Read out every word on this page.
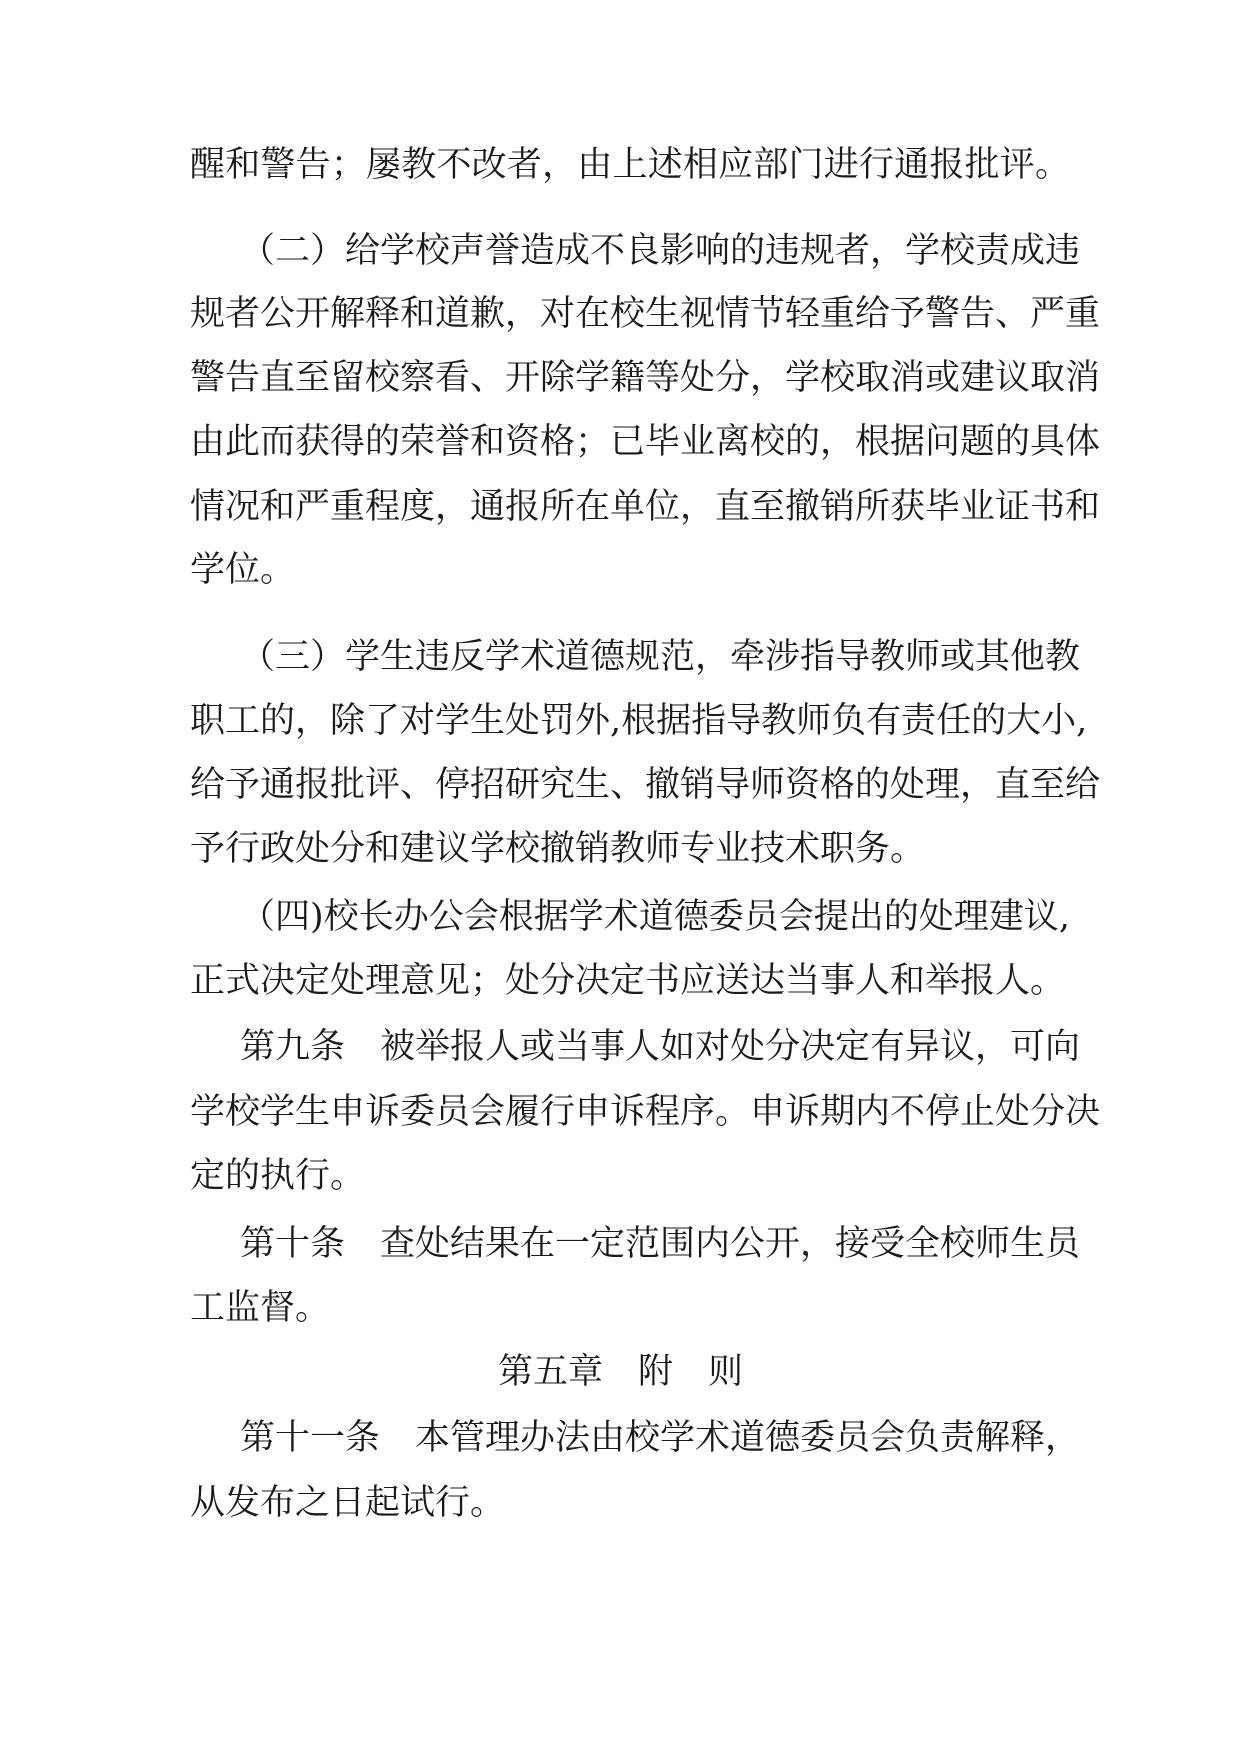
醒和警告；屡教不改者，由上述相应部门进行通报批评。
（二）给学校声誉造成不良影响的违规者，学校责成违
规者公开解释和道歉，对在校生视情节轻重给予警告、严重
警告直至留校察看、开除学籍等处分，学校取消或建议取消
由此而获得的荣誉和资格；已毕业离校的，根据问题的具体
情况和严重程度，通报所在单位，直至撤销所获毕业证书和
学位。
（三）学生违反学术道德规范，牵涉指导教师或其他教
职工的，除了对学生处罚外,根据指导教师负有责任的大小,
给予通报批评、停招研究生、撤销导师资格的处理，直至给
予行政处分和建议学校撤销教师专业技术职务。
（四)校长办公会根据学术道德委员会提出的处理建议,
正式决定处理意见；处分决定书应送达当事人和举报人。
第九条　被举报人或当事人如对处分决定有异议，可向
学校学生申诉委员会履行申诉程序。申诉期内不停止处分决
定的执行。
第十条　查处结果在一定范围内公开，接受全校师生员
工监督。
第五章　附　则
第十一条　本管理办法由校学术道德委员会负责解释，
从发布之日起试行。
